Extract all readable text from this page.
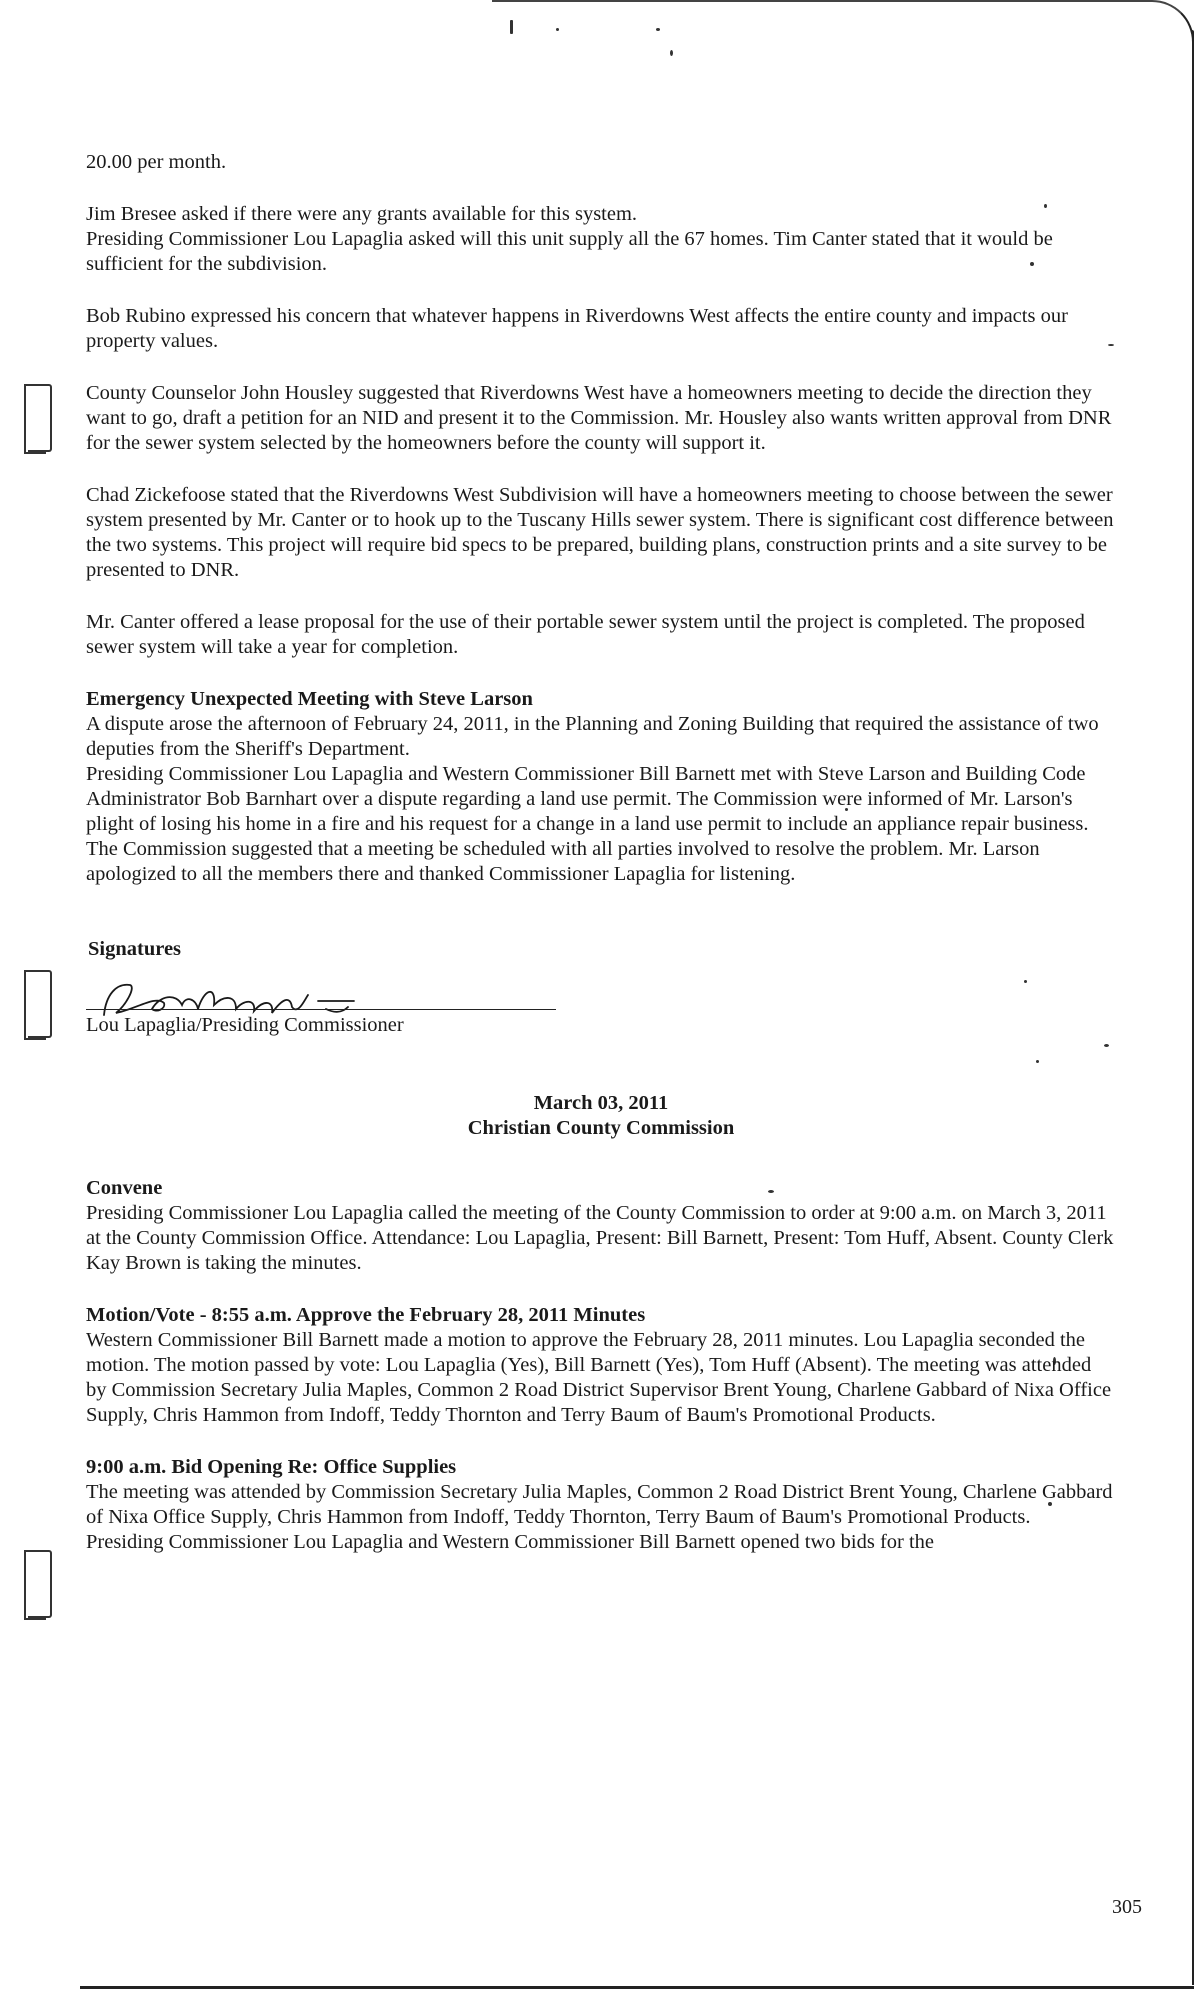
20.00 per month.

Jim Bresee asked if there were any grants available for this system.

Presiding Commissioner Lou Lapaglia asked will this unit supply all the 67 homes. Tim Canter stated that it would be sufficient for the subdivision.

Bob Rubino expressed his concern that whatever happens in Riverdowns West affects the entire county and impacts our property values.

County Counselor John Housley suggested that Riverdowns West have a homeowners meeting to decide the direction they want to go, draft a petition for an NID and present it to the Commission. Mr. Housley also wants written approval from DNR for the sewer system selected by the homeowners before the county will support it.

Chad Zickefoose stated that the Riverdowns West Subdivision will have a homeowners meeting to choose between the sewer system presented by Mr. Canter or to hook up to the Tuscany Hills sewer system. There is significant cost difference between the two systems. This project will require bid specs to be prepared, building plans, construction prints and a site survey to be presented to DNR.

Mr. Canter offered a lease proposal for the use of their portable sewer system until the project is completed. The proposed sewer system will take a year for completion.

Emergency Unexpected Meeting with Steve Larson

A dispute arose the afternoon of February 24, 2011, in the Planning and Zoning Building that required the assistance of two deputies from the Sheriff's Department.

Presiding Commissioner Lou Lapaglia and Western Commissioner Bill Barnett met with Steve Larson and Building Code Administrator Bob Barnhart over a dispute regarding a land use permit. The Commission were informed of Mr. Larson's plight of losing his home in a fire and his request for a change in a land use permit to include an appliance repair business. The Commission suggested that a meeting be scheduled with all parties involved to resolve the problem. Mr. Larson apologized to all the members there and thanked Commissioner Lapaglia for listening.

Signatures
Lou Lapaglia/Presiding Commissioner
March 03, 2011
Christian County Commission
Convene

Presiding Commissioner Lou Lapaglia called the meeting of the County Commission to order at 9:00 a.m. on March 3, 2011 at the County Commission Office. Attendance: Lou Lapaglia, Present: Bill Barnett, Present: Tom Huff, Absent. County Clerk Kay Brown is taking the minutes.

Motion/Vote - 8:55 a.m. Approve the February 28, 2011 Minutes

Western Commissioner Bill Barnett made a motion to approve the February 28, 2011 minutes. Lou Lapaglia seconded the motion. The motion passed by vote: Lou Lapaglia (Yes), Bill Barnett (Yes), Tom Huff (Absent). The meeting was attended by Commission Secretary Julia Maples, Common 2 Road District Supervisor Brent Young, Charlene Gabbard of Nixa Office Supply, Chris Hammon from Indoff, Teddy Thornton and Terry Baum of Baum's Promotional Products.

9:00 a.m. Bid Opening Re: Office Supplies

The meeting was attended by Commission Secretary Julia Maples, Common 2 Road District Brent Young, Charlene Gabbard of Nixa Office Supply, Chris Hammon from Indoff, Teddy Thornton, Terry Baum of Baum's Promotional Products.

Presiding Commissioner Lou Lapaglia and Western Commissioner Bill Barnett opened two bids for the

305
